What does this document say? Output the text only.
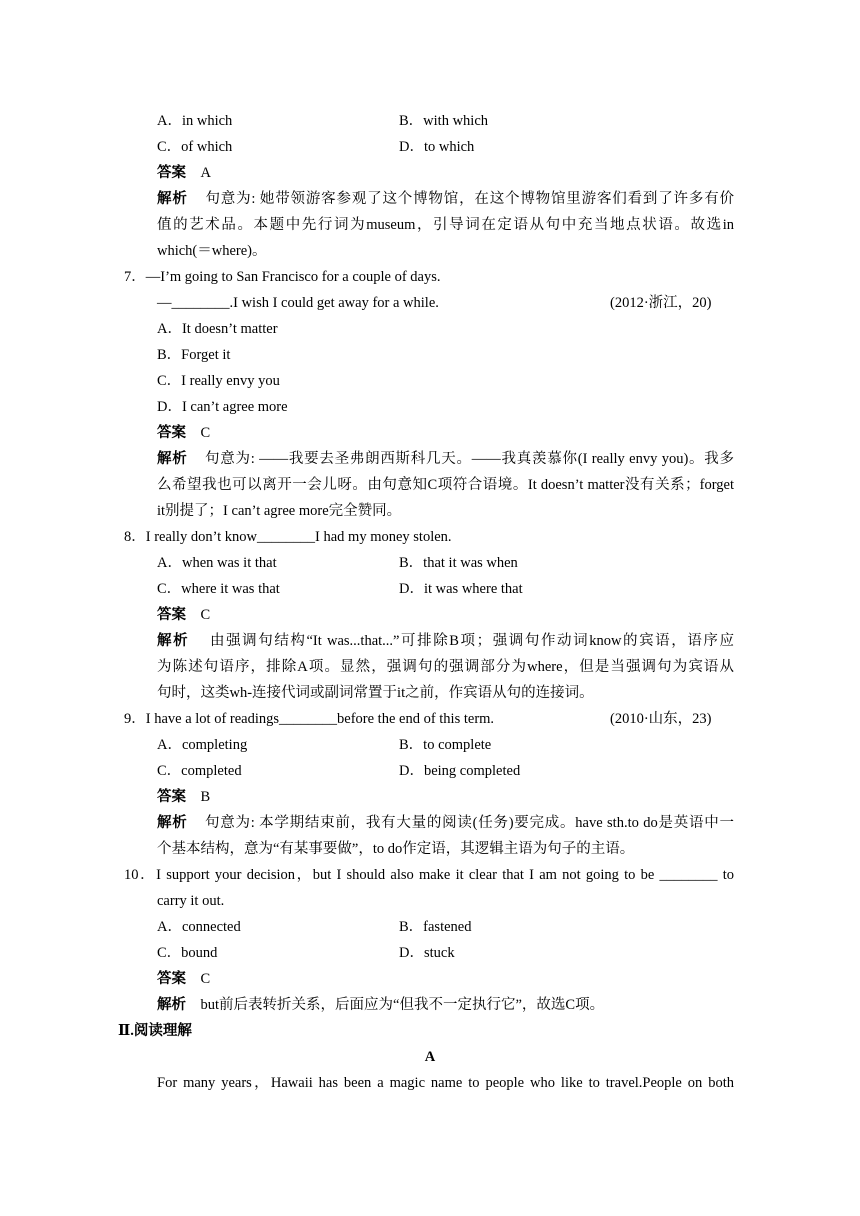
A．in which	B．with which
C．of which	D．to which
答案 A
解析 句意为: 她带领游客参观了这个博物馆，在这个博物馆里游客们看到了许多有价
值的艺术品。本题中先行词为museum，引导词在定语从句中充当地点状语。故选in
which(＝where)。
7．—I’m going to San Francisco for a couple of days.
—________.I wish I could get away for a while.	(2012·浙江，20)
A．It doesn’t matter
B．Forget it
C．I really envy you
D．I can’t agree more
答案 C
解析 句意为: ——我要去圣弗朗西斯科几天。——我真羡慕你(I really envy you)。我多
么希望我也可以离开一会儿呀。由句意知C项符合语境。It doesn’t matter没有关系；forget
it别提了；I can’t agree more完全赞同。
8．I really don’t know________I had my money stolen.
A．when was it that	B．that it was when
C．where it was that	D．it was where that
答案 C
解析 由强调句结构“It was...that...”可排除B项；强调句作动词know的宾语，语序应
为陈述句语序，排除A项。显然，强调句的强调部分为where，但是当强调句为宾语从
句时，这类wh-连接代词或副词常置于it之前，作宾语从句的连接词。
9．I have a lot of readings________before the end of this term.	(2010·山东，23)
A．completing	B．to complete
C．completed	D．being completed
答案 B
解析 句意为: 本学期结束前，我有大量的阅读(任务)要完成。have sth.to do是英语中一
个基本结构，意为“有某事要做”，to do作定语，其逻辑主语为句子的主语。
10．I support your decision，but I should also make it clear that I am not going to be ________ to
carry it out.
A．connected	B．fastened
C．bound	D．stuck
答案 C
解析 but前后表转折关系，后面应为“但我不一定执行它”，故选C项。
Ⅱ.阅读理解
A
For many years，Hawaii has been a magic name to people who like to travel.People on both
